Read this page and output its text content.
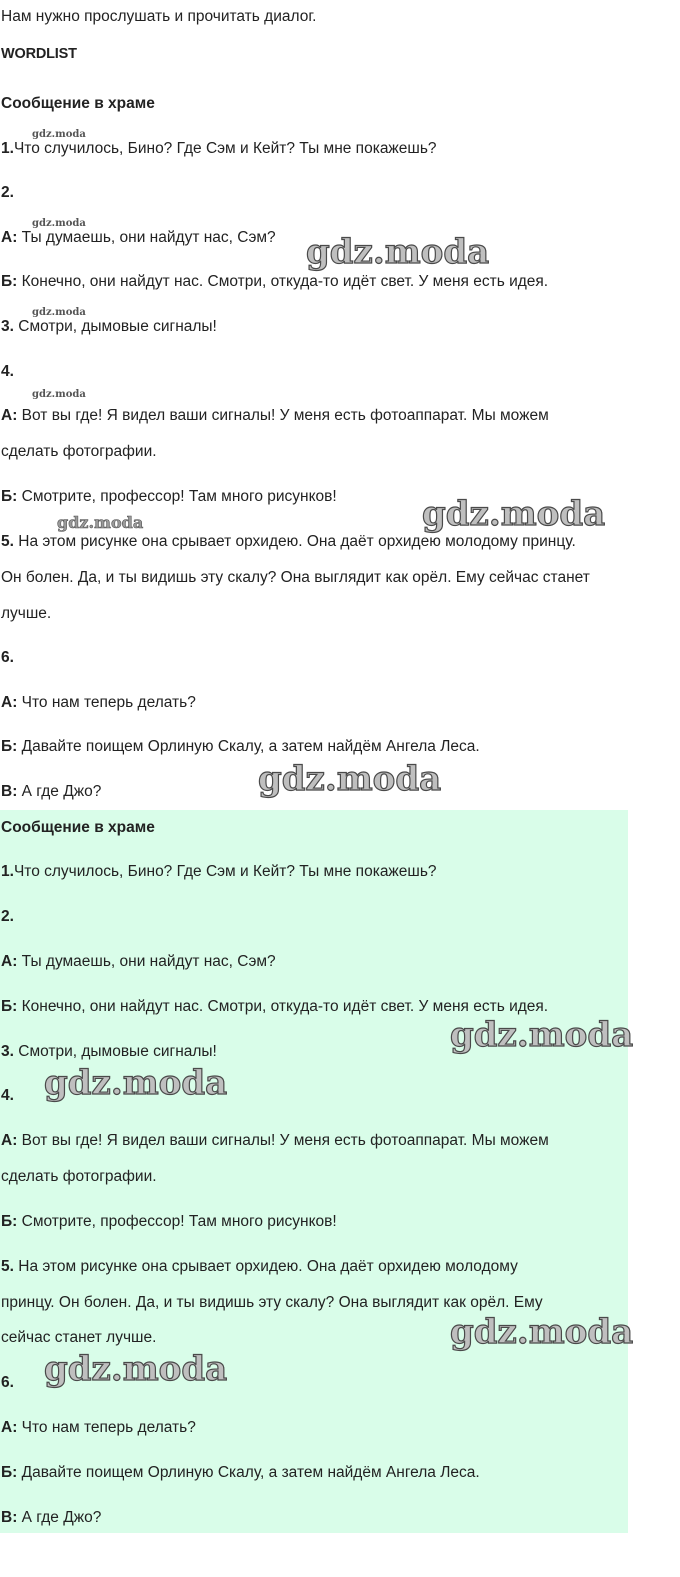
Нам нужно прослушать и прочитать диалог.
WORDLIST
Сообщение в храме
1.Что случилось, Бино? Где Сэм и Кейт? Ты мне покажешь?
2.
А: Ты думаешь, они найдут нас, Сэм?
Б: Конечно, они найдут нас. Смотри, откуда-то идёт свет. У меня есть идея.
3. Смотри, дымовые сигналы!
4.
А: Вот вы где! Я видел ваши сигналы! У меня есть фотоаппарат. Мы можем
сделать фотографии.
Б: Смотрите, профессор! Там много рисунков!
5. На этом рисунке она срывает орхидею. Она даёт орхидею молодому принцу.
Он болен. Да, и ты видишь эту скалу? Она выглядит как орёл. Ему сейчас станет
лучше.
6.
А: Что нам теперь делать?
Б: Давайте поищем Орлиную Скалу, а затем найдём Ангела Леса.
В: А где Джо?
Сообщение в храме
1.Что случилось, Бино? Где Сэм и Кейт? Ты мне покажешь?
2.
А: Ты думаешь, они найдут нас, Сэм?
Б: Конечно, они найдут нас. Смотри, откуда-то идёт свет. У меня есть идея.
3. Смотри, дымовые сигналы!
4.
А: Вот вы где! Я видел ваши сигналы! У меня есть фотоаппарат. Мы можем
сделать фотографии.
Б: Смотрите, профессор! Там много рисунков!
5. На этом рисунке она срывает орхидею. Она даёт орхидею молодому
принцу. Он болен. Да, и ты видишь эту скалу? Она выглядит как орёл. Ему
сейчас станет лучше.
6.
А: Что нам теперь делать?
Б: Давайте поищем Орлиную Скалу, а затем найдём Ангела Леса.
В: А где Джо?
gdz.moda
gdz.moda
gdz.moda
gdz.moda
gdz.moda
gdz.moda
gdz.moda
gdz.moda
gdz.moda
gdz.moda
gdz.moda
gdz.moda
